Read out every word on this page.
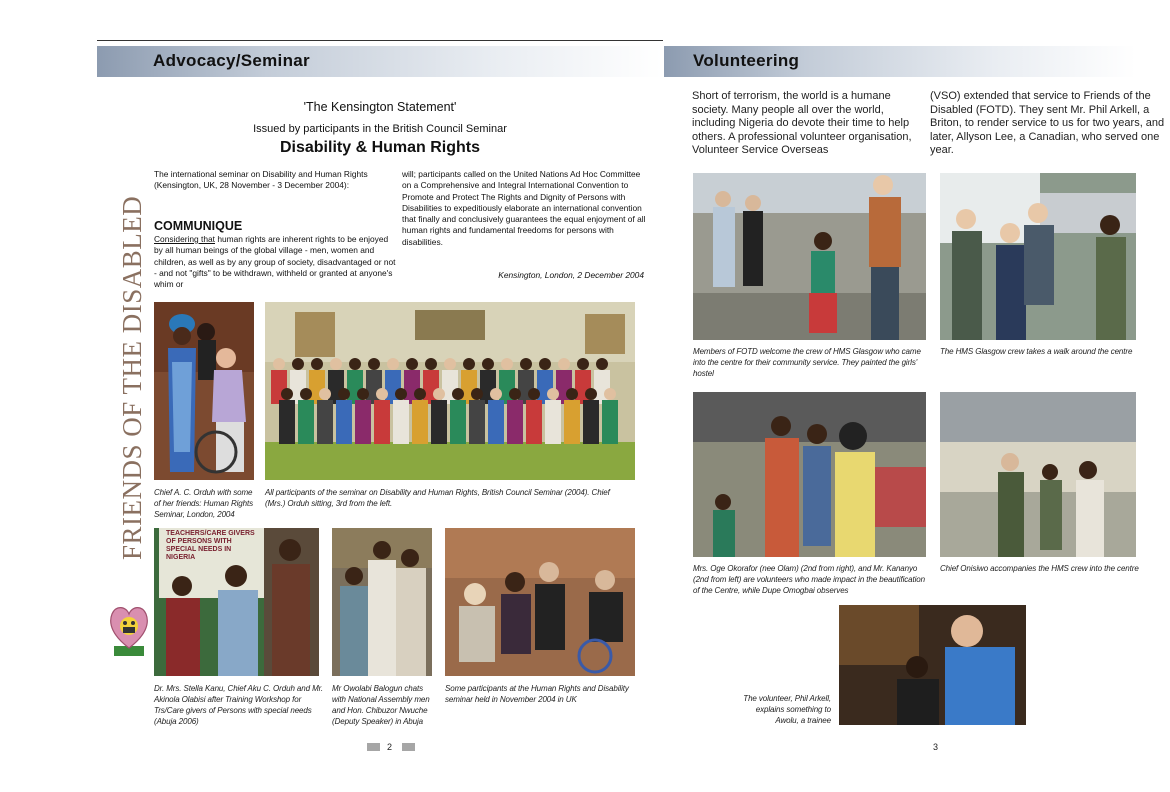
Advocacy/Seminar
FRIENDS OF THE DISABLED
'The Kensington Statement'
Issued by participants in the British Council Seminar
Disability & Human Rights
The international seminar on Disability and Human Rights (Kensington, UK, 28 November - 3 December 2004):
COMMUNIQUE
Considering that human rights are inherent rights to be enjoyed by all human beings of the global village - men, women and children, as well as by any group of society, disadvantaged or not - and not "gifts" to be withdrawn, withheld or granted at anyone's whim or
will; participants called on the United Nations Ad Hoc Committee on a Comprehensive and Integral International Convention to Promote and Protect The Rights and Dignity of Persons with Disabilities to expeditiously elaborate an international convention that finally and conclusively guarantees the equal enjoyment of all human rights and fundamental freedoms for persons with disabilities.
Kensington, London, 2 December 2004
Chief A. C. Orduh with some of her friends: Human Rights Seminar, London, 2004
All participants of the seminar on Disability and Human Rights, British Council Seminar (2004). Chief (Mrs.) Orduh sitting, 3rd from the left.
TEACHERS/CARE GIVERS OF PERSONS WITH SPECIAL NEEDS IN NIGERIA
Dr. Mrs. Stella Kanu, Chief Aku C. Orduh and Mr. Akinola Olabisi after Training Workshop for Trs/Care givers of Persons with special needs (Abuja 2006)
Mr Owolabi Balogun chats with National Assembly men and Hon. Chibuzor Nwuche (Deputy Speaker) in Abuja
Some participants at the Human Rights and Disability seminar held in November 2004 in UK
2
Volunteering
Short of terrorism, the world is a humane society. Many people all over the world, including Nigeria do devote their time to help others. A professional volunteer organisation, Volunteer Service Overseas
(VSO) extended that service to Friends of the Disabled (FOTD). They sent Mr. Phil Arkell, a Briton, to render service to us for two years, and later, Allyson Lee, a Canadian, who served one year.
Members of FOTD welcome the crew of HMS Glasgow who came into the centre for their community service. They painted the girls' hostel
The HMS Glasgow crew takes a walk around the centre
Mrs. Oge Okorafor (nee Olam) (2nd from right), and Mr. Kananyo (2nd from left) are volunteers who made impact in the beautification of the Centre, while Dupe Omogbai observes
Chief Onisiwo accompanies the HMS crew into the centre
The volunteer, Phil Arkell, explains something to Awolu, a trainee
3
